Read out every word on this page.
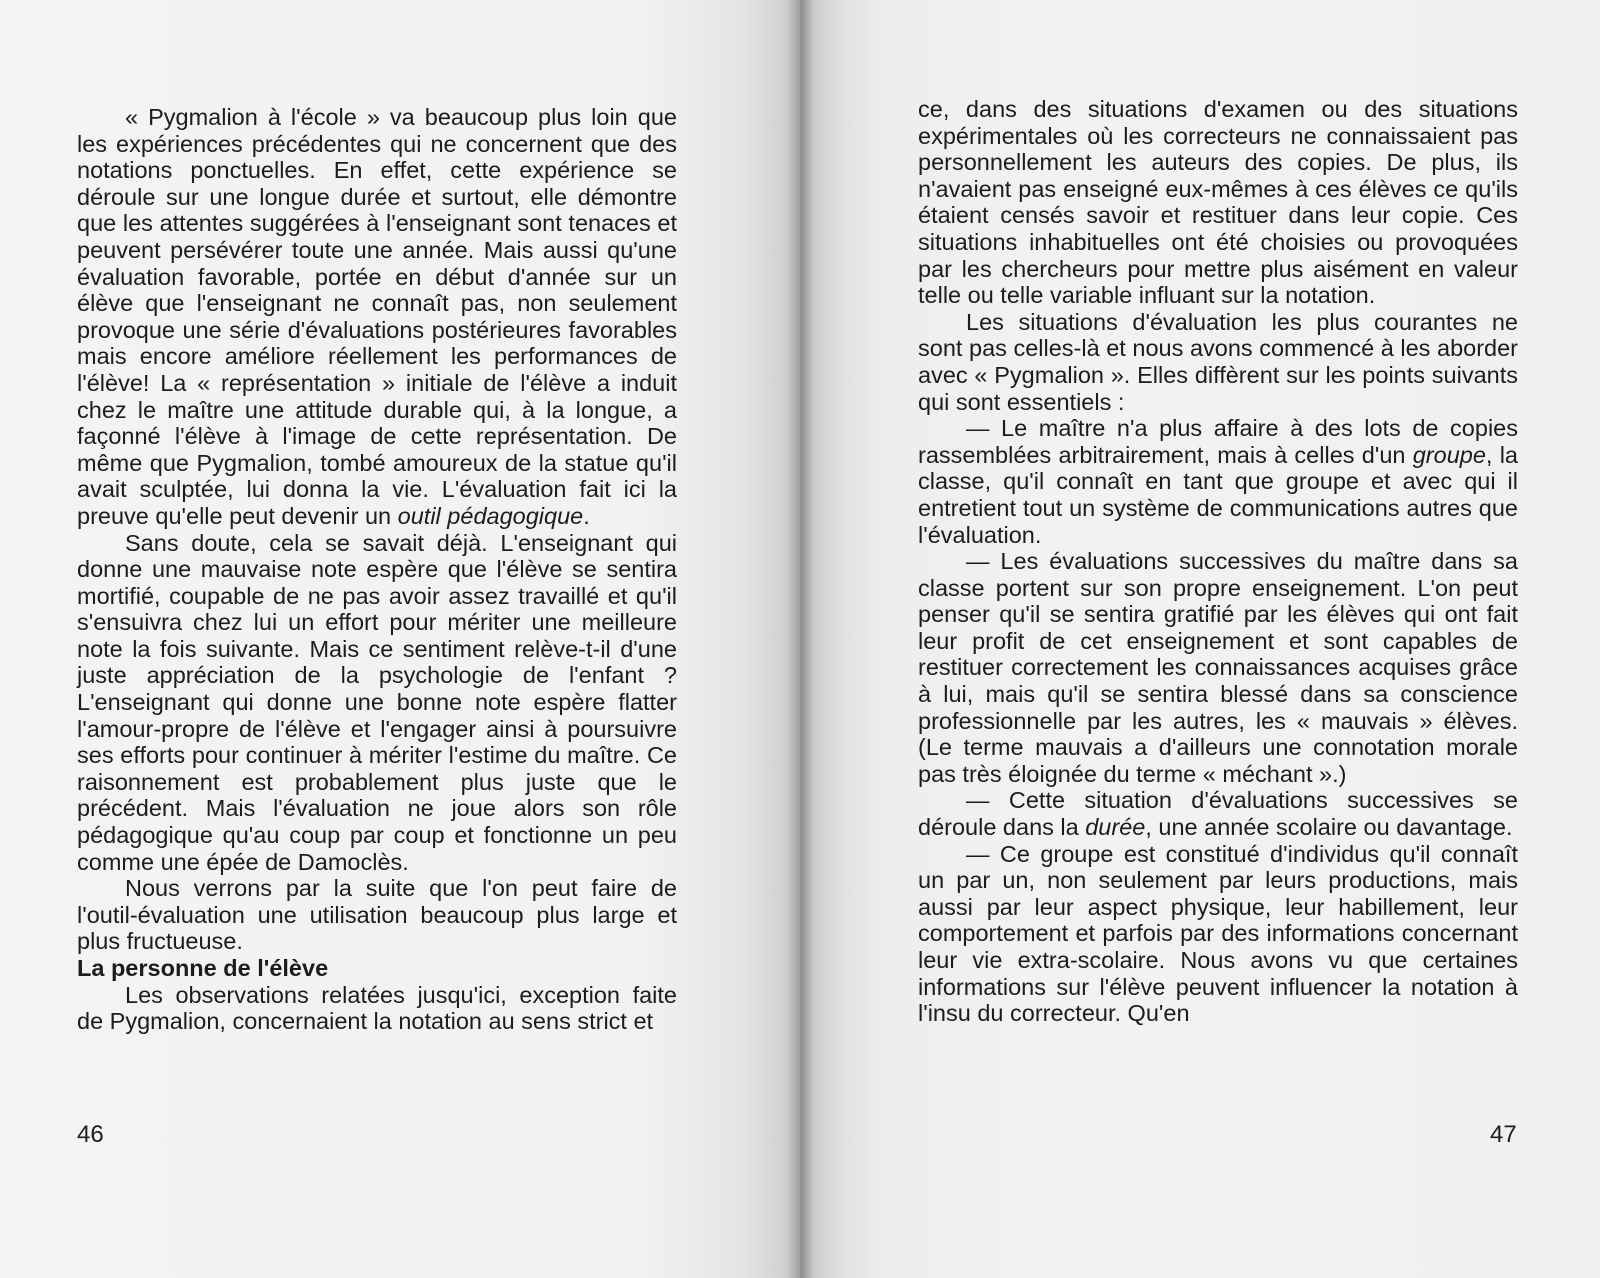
« Pygmalion à l'école » va beaucoup plus loin que les expériences précédentes qui ne concernent que des notations ponctuelles. En effet, cette expérience se déroule sur une longue durée et surtout, elle démontre que les attentes suggérées à l'enseignant sont tenaces et peuvent persévérer toute une année. Mais aussi qu'une évaluation favorable, portée en début d'année sur un élève que l'enseignant ne connaît pas, non seulement provoque une série d'évaluations postérieures favorables mais encore améliore réellement les performances de l'élève! La « représentation » initiale de l'élève a induit chez le maître une attitude durable qui, à la longue, a façonné l'élève à l'image de cette représentation. De même que Pygmalion, tombé amoureux de la statue qu'il avait sculptée, lui donna la vie. L'évaluation fait ici la preuve qu'elle peut devenir un outil pédagogique.

Sans doute, cela se savait déjà. L'enseignant qui donne une mauvaise note espère que l'élève se sentira mortifié, coupable de ne pas avoir assez travaillé et qu'il s'ensuivra chez lui un effort pour mériter une meilleure note la fois suivante. Mais ce sentiment relève-t-il d'une juste appréciation de la psychologie de l'enfant ? L'enseignant qui donne une bonne note espère flatter l'amour-propre de l'élève et l'engager ainsi à poursuivre ses efforts pour continuer à mériter l'estime du maître. Ce raisonnement est probablement plus juste que le précédent. Mais l'évaluation ne joue alors son rôle pédagogique qu'au coup par coup et fonctionne un peu comme une épée de Damoclès.

Nous verrons par la suite que l'on peut faire de l'outil-évaluation une utilisation beaucoup plus large et plus fructueuse.

La personne de l'élève

Les observations relatées jusqu'ici, exception faite de Pygmalion, concernaient la notation au sens strict et

46

ce, dans des situations d'examen ou des situations expérimentales où les correcteurs ne connaissaient pas personnellement les auteurs des copies. De plus, ils n'avaient pas enseigné eux-mêmes à ces élèves ce qu'ils étaient censés savoir et restituer dans leur copie. Ces situations inhabituelles ont été choisies ou provoquées par les chercheurs pour mettre plus aisément en valeur telle ou telle variable influant sur la notation.

Les situations d'évaluation les plus courantes ne sont pas celles-là et nous avons commencé à les aborder avec « Pygmalion ». Elles diffèrent sur les points suivants qui sont essentiels :

— Le maître n'a plus affaire à des lots de copies rassemblées arbitrairement, mais à celles d'un groupe, la classe, qu'il connaît en tant que groupe et avec qui il entretient tout un système de communications autres que l'évaluation.

— Les évaluations successives du maître dans sa classe portent sur son propre enseignement. L'on peut penser qu'il se sentira gratifié par les élèves qui ont fait leur profit de cet enseignement et sont capables de restituer correctement les connaissances acquises grâce à lui, mais qu'il se sentira blessé dans sa conscience professionnelle par les autres, les « mauvais » élèves. (Le terme mauvais a d'ailleurs une connotation morale pas très éloignée du terme « méchant ».)

— Cette situation d'évaluations successives se déroule dans la durée, une année scolaire ou davantage.

— Ce groupe est constitué d'individus qu'il connaît un par un, non seulement par leurs productions, mais aussi par leur aspect physique, leur habillement, leur comportement et parfois par des informations concernant leur vie extra-scolaire. Nous avons vu que certaines informations sur l'élève peuvent influencer la notation à l'insu du correcteur. Qu'en

47
